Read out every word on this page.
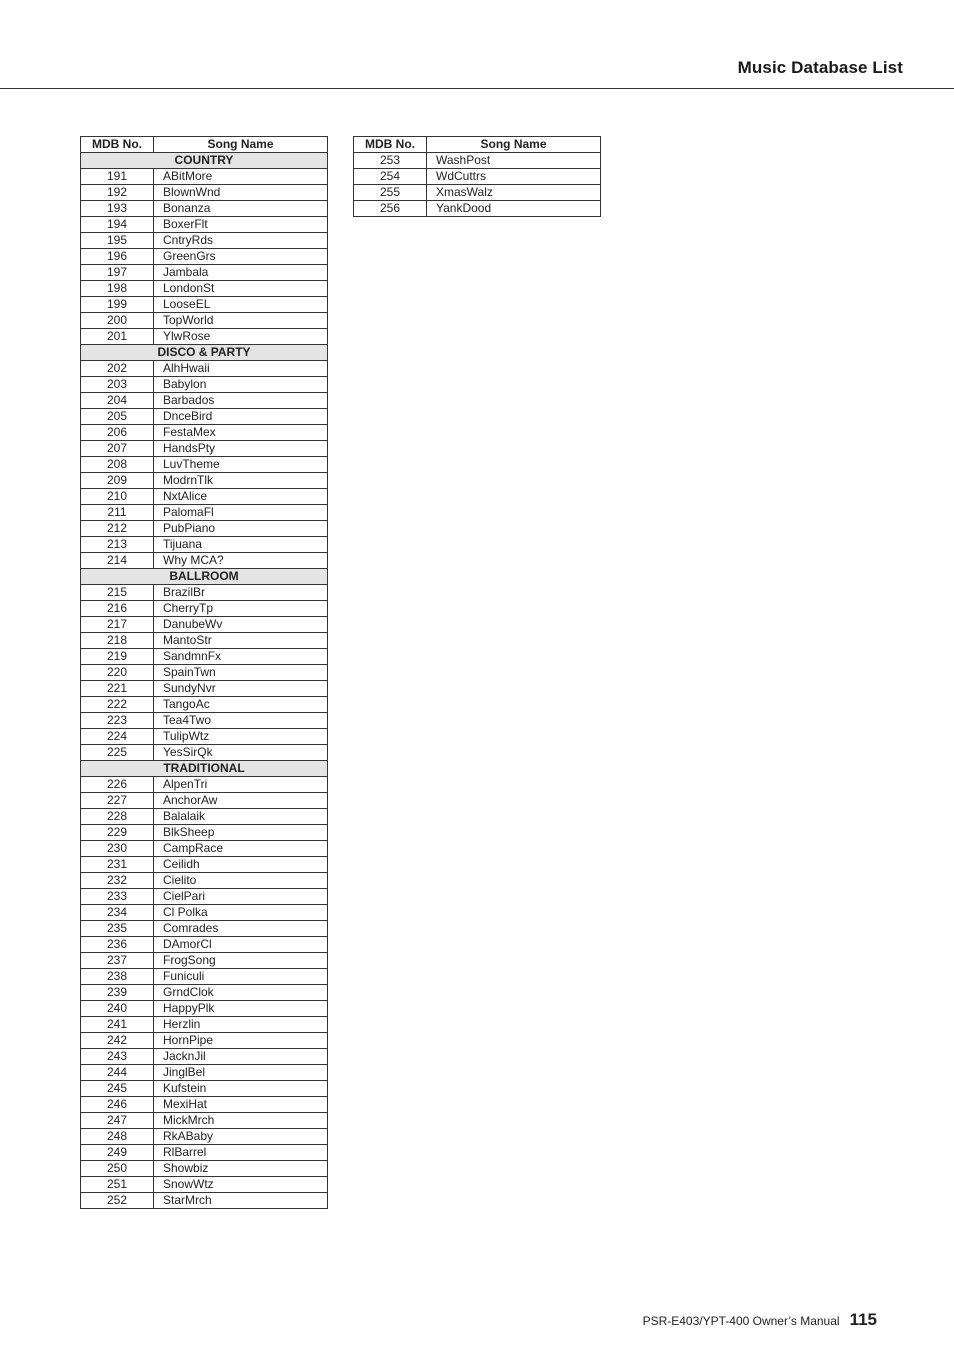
Music Database List
MDB No.	Song Name
COUNTRY	
191	ABitMore
192	BlownWnd
193	Bonanza
194	BoxerFlt
195	CntryRds
196	GreenGrs
197	Jambala
198	LondonSt
199	LooseEL
200	TopWorld
201	YlwRose
DISCO & PARTY	
202	AlhHwaii
203	Babylon
204	Barbados
205	DnceBird
206	FestaMex
207	HandsPty
208	LuvTheme
209	ModrnTlk
210	NxtAlice
211	PalomaFl
212	PubPiano
213	Tijuana
214	Why MCA?
BALLROOM	
215	BrazilBr
216	CherryTp
217	DanubeWv
218	MantoStr
219	SandmnFx
220	SpainTwn
221	SundyNvr
222	TangoAc
223	Tea4Two
224	TulipWtz
225	YesSirQk
TRADITIONAL	
226	AlpenTri
227	AnchorAw
228	Balalaik
229	BlkSheep
230	CampRace
231	Ceilidh
232	Cielito
233	CielPari
234	Cl Polka
235	Comrades
236	DAmorCl
237	FrogSong
238	Funiculi
239	GrndClok
240	HappyPlk
241	Herzlin
242	HornPipe
243	JacknJil
244	JinglBel
245	Kufstein
246	MexiHat
247	MickMrch
248	RkABaby
249	RlBarrel
250	Showbiz
251	SnowWtz
252	StarMrch
MDB No.	Song Name
253	WashPost
254	WdCuttrs
255	XmasWalz
256	YankDood
PSR-E403/YPT-400 Owner’s Manual 115
